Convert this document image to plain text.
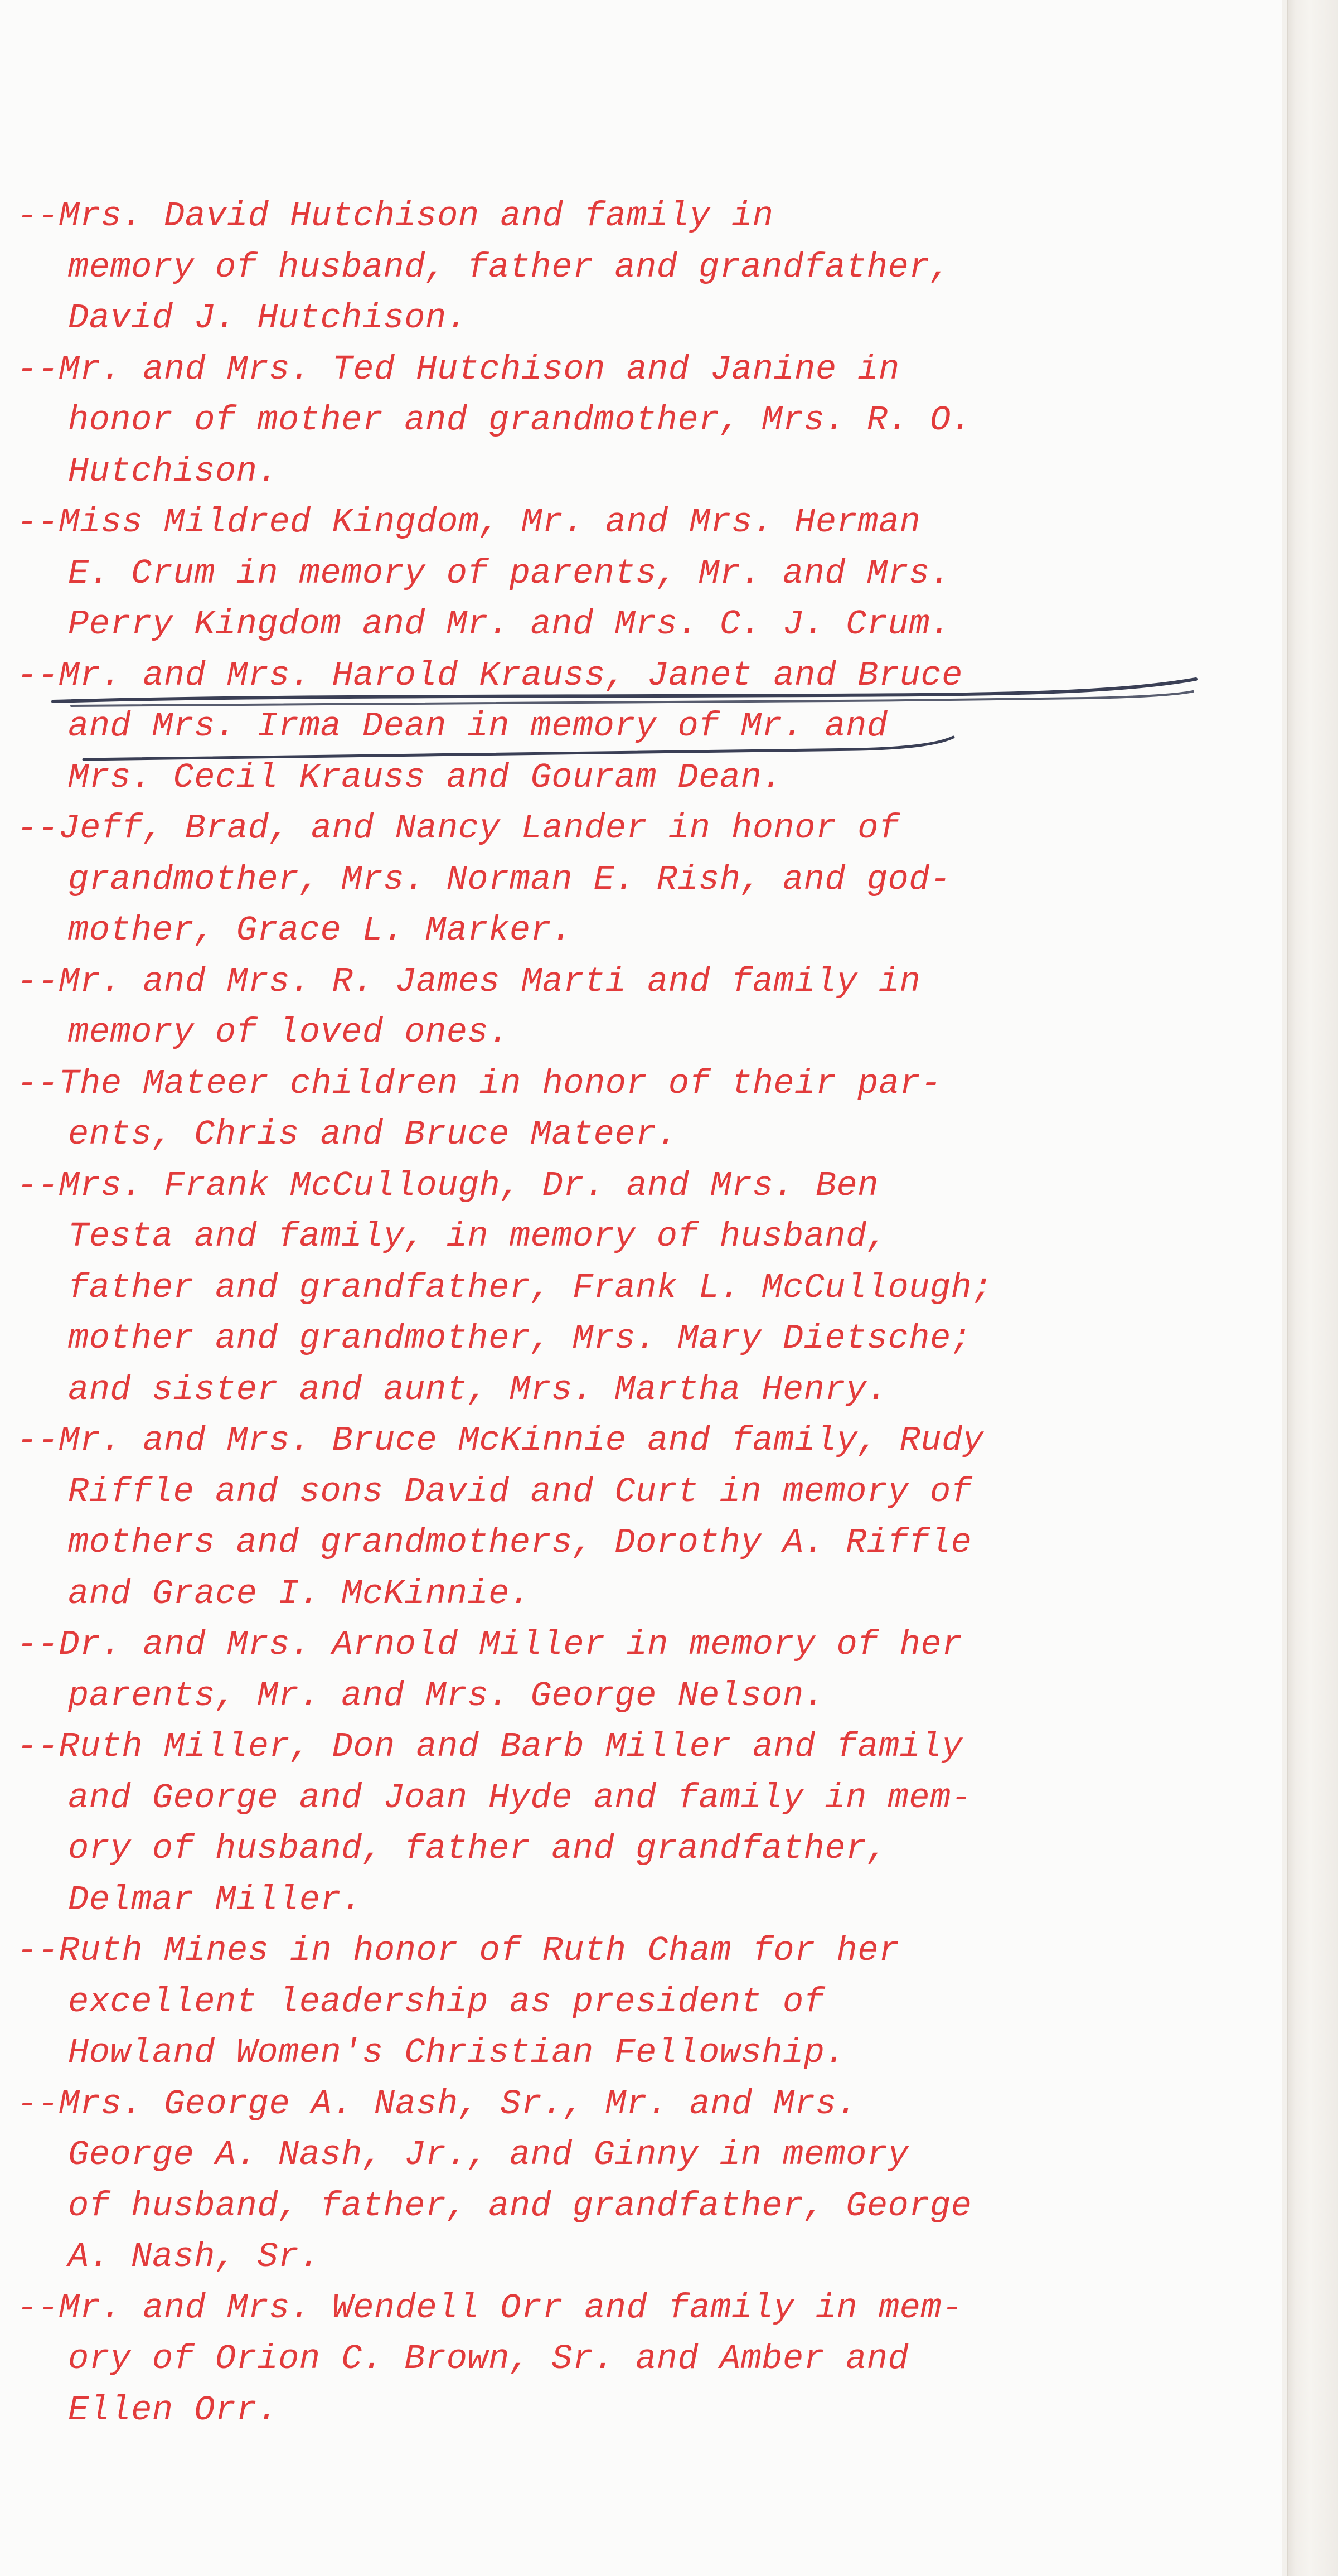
--Mrs. David Hutchison and family in
memory of husband, father and grandfather,
David J. Hutchison.
--Mr. and Mrs. Ted Hutchison and Janine in
honor of mother and grandmother, Mrs. R. O.
Hutchison.
--Miss Mildred Kingdom, Mr. and Mrs. Herman
E. Crum in memory of parents, Mr. and Mrs.
Perry Kingdom and Mr. and Mrs. C. J. Crum.
--Mr. and Mrs. Harold Krauss, Janet and Bruce
and Mrs. Irma Dean in memory of Mr. and
Mrs. Cecil Krauss and Gouram Dean.
--Jeff, Brad, and Nancy Lander in honor of
grandmother, Mrs. Norman E. Rish, and god-
mother, Grace L. Marker.
--Mr. and Mrs. R. James Marti and family in
memory of loved ones.
--The Mateer children in honor of their par-
ents, Chris and Bruce Mateer.
--Mrs. Frank McCullough, Dr. and Mrs. Ben
Testa and family, in memory of husband,
father and grandfather, Frank L. McCullough;
mother and grandmother, Mrs. Mary Dietsche;
and sister and aunt, Mrs. Martha Henry.
--Mr. and Mrs. Bruce McKinnie and family, Rudy
Riffle and sons David and Curt in memory of
mothers and grandmothers, Dorothy A. Riffle
and Grace I. McKinnie.
--Dr. and Mrs. Arnold Miller in memory of her
parents, Mr. and Mrs. George Nelson.
--Ruth Miller, Don and Barb Miller and family
and George and Joan Hyde and family in mem-
ory of husband, father and grandfather,
Delmar Miller.
--Ruth Mines in honor of Ruth Cham for her
excellent leadership as president of
Howland Women's Christian Fellowship.
--Mrs. George A. Nash, Sr., Mr. and Mrs.
George A. Nash, Jr., and Ginny in memory
of husband, father, and grandfather, George
A. Nash, Sr.
--Mr. and Mrs. Wendell Orr and family in mem-
ory of Orion C. Brown, Sr. and Amber and
Ellen Orr.
